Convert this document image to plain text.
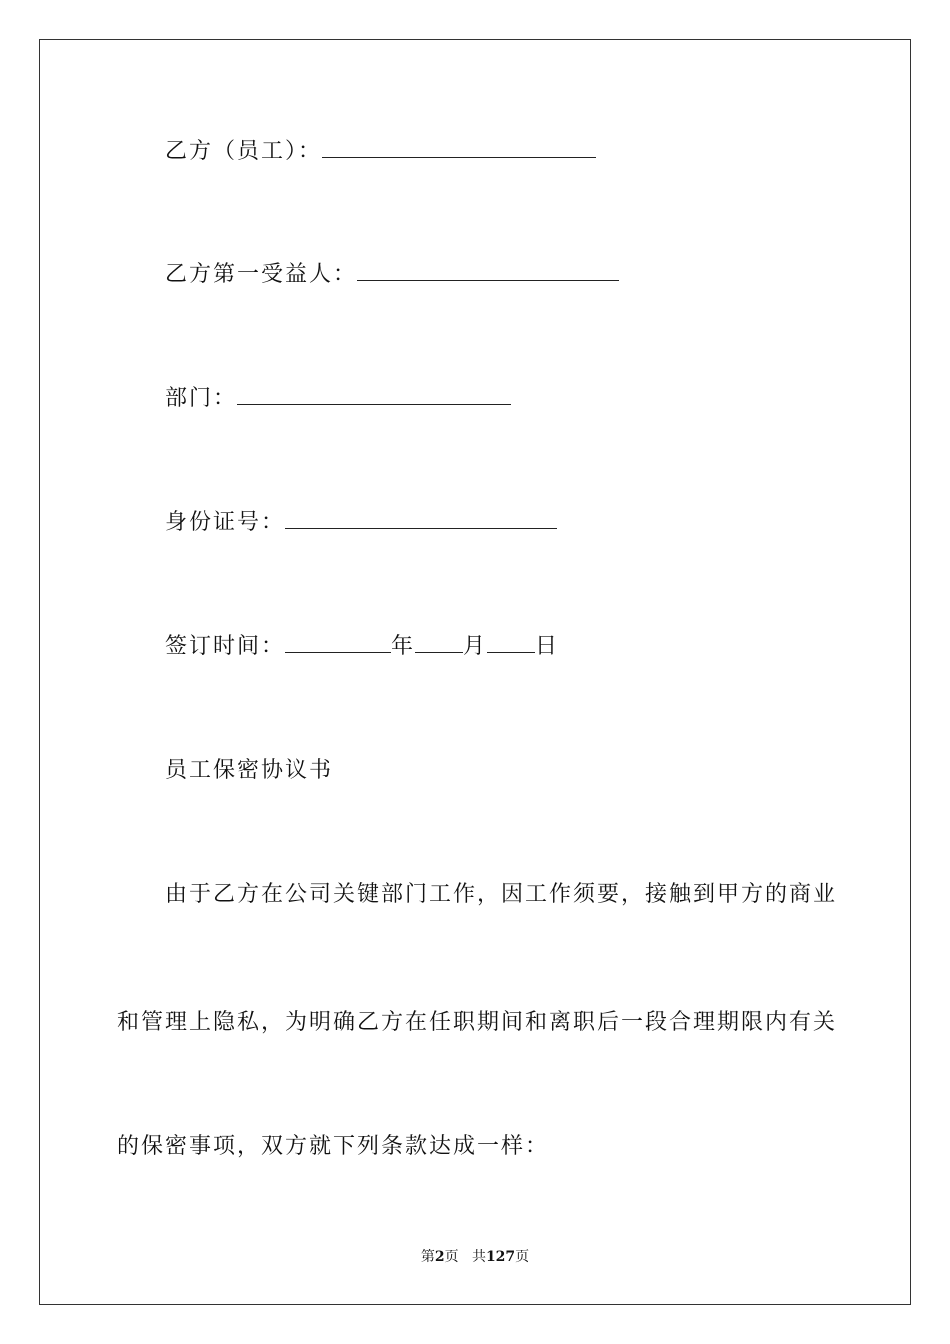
乙方（员工）：
乙方第一受益人：
部门：
身份证号：
签订时间：	年 月 日
员工保密协议书
由于乙方在公司关键部门工作，因工作须要，接触到甲方的商业
和管理上隐私，为明确乙方在任职期间和离职后一段合理期限内有关
的保密事项，双方就下列条款达成一样：
第2页 共127页
